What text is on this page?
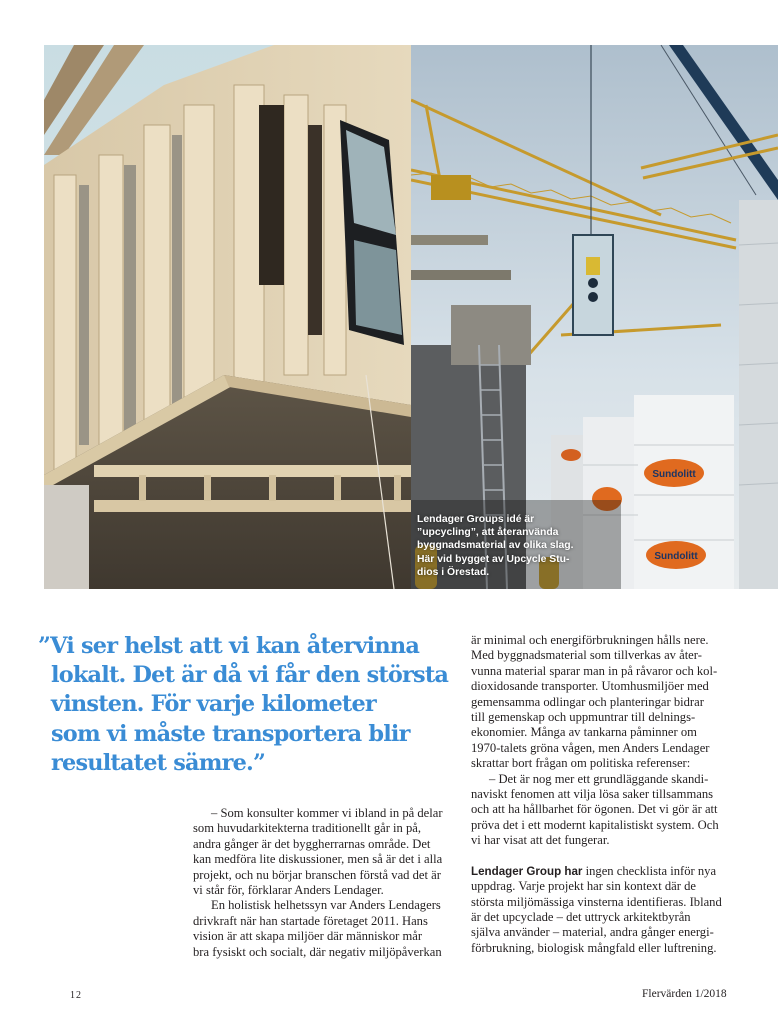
Sundolitt
Sundolitt
Lendager Groups idé är
”upcycling”, att återanvända
byggnadsmaterial av olika slag.
Här vid bygget av Upcycle Stu-
dios i Örestad.
”Vi ser helst att vi kan återvinna
lokalt. Det är då vi får den största
vinsten. För varje kilometer
som vi måste transportera blir
resultatet sämre.”

– Som konsulter kommer vi ibland in på delar
som huvudarkitekterna traditionellt går in på,
andra gånger är det byggherrarnas område. Det
kan medföra lite diskussioner, men så är det i alla
projekt, och nu börjar branschen förstå vad det är
vi står för, förklarar Anders Lendager.

En holistisk helhetssyn var Anders Lendagers
drivkraft när han startade företaget 2011. Hans
vision är att skapa miljöer där människor mår
bra fysiskt och socialt, där negativ miljöpåverkan

är minimal och energiförbrukningen hålls nere.
Med byggnadsmaterial som tillverkas av åter-
vunna material sparar man in på råvaror och kol-
dioxidosande transporter. Utomhusmiljöer med
gemensamma odlingar och planteringar bidrar
till gemenskap och uppmuntrar till delnings-
ekonomier. Många av tankarna påminner om
1970-talets gröna vågen, men Anders Lendager
skrattar bort frågan om politiska referenser:

– Det är nog mer ett grundläggande skandi-
naviskt fenomen att vilja lösa saker tillsammans
och att ha hållbarhet för ögonen. Det vi gör är att
pröva det i ett modernt kapitalistiskt system. Och
vi har visat att det fungerar.

Lendager Group har ingen checklista inför nya
uppdrag. Varje projekt har sin kontext där de
största miljömässiga vinsterna identifieras. Ibland
är det upcyclade – det uttryck arkitektbyrån
själva använder – material, andra gånger energi-
förbrukning, biologisk mångfald eller luftrening.

12	Flervärden 1/2018
